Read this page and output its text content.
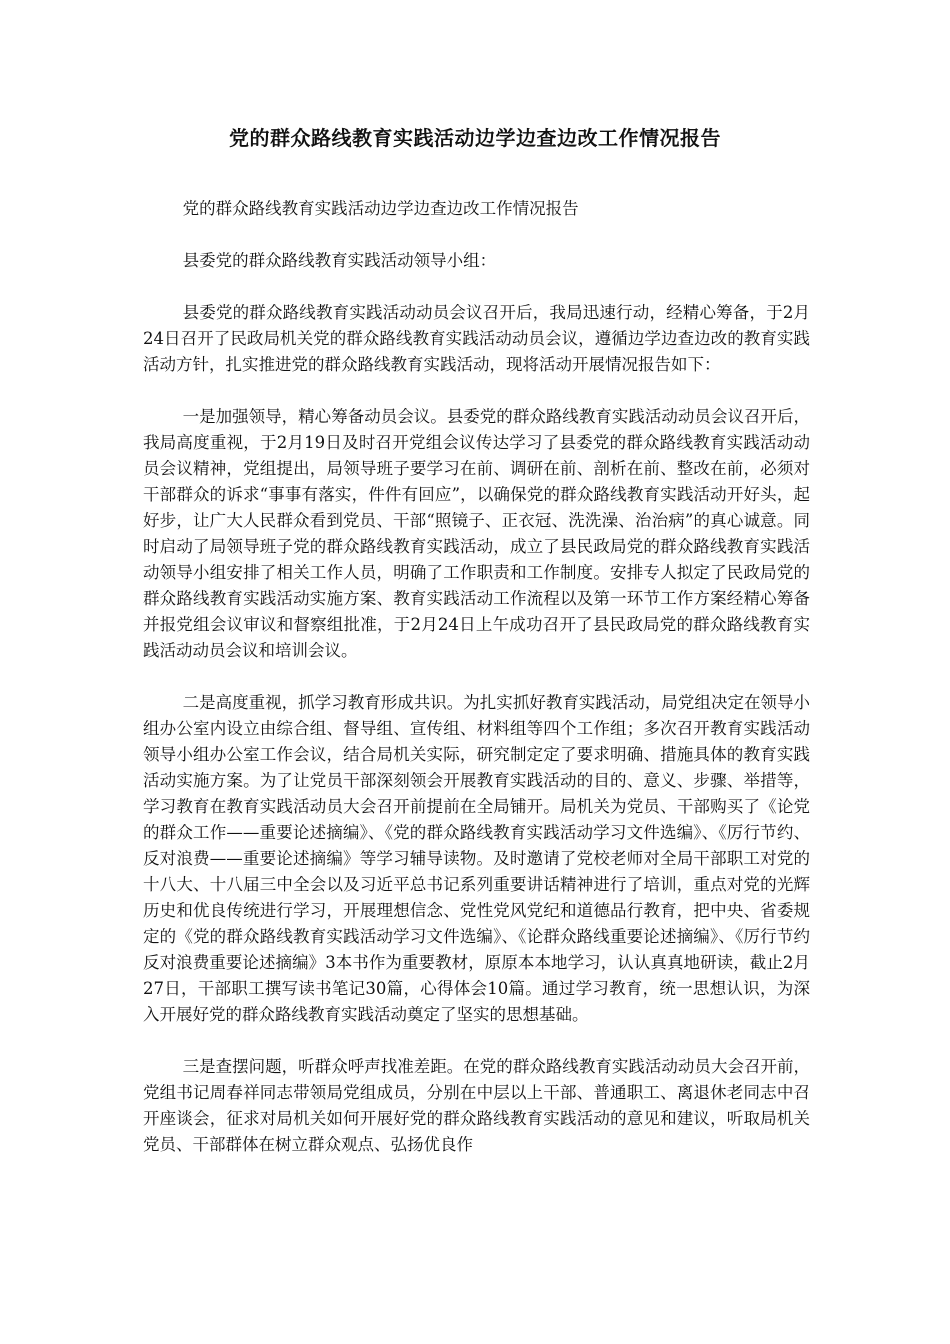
党的群众路线教育实践活动边学边查边改工作情况报告

党的群众路线教育实践活动边学边查边改工作情况报告

县委党的群众路线教育实践活动领导小组：

县委党的群众路线教育实践活动动员会议召开后，我局迅速行动，经精心筹备，于2月24日召开了民政局机关党的群众路线教育实践活动动员会议，遵循边学边查边改的教育实践活动方针，扎实推进党的群众路线教育实践活动，现将活动开展情况报告如下：

一是加强领导，精心筹备动员会议。县委党的群众路线教育实践活动动员会议召开后，我局高度重视，于2月19日及时召开党组会议传达学习了县委党的群众路线教育实践活动动员会议精神，党组提出，局领导班子要学习在前、调研在前、剖析在前、整改在前，必须对干部群众的诉求“事事有落实，件件有回应”，以确保党的群众路线教育实践活动开好头，起好步，让广大人民群众看到党员、干部“照镜子、正衣冠、洗洗澡、治治病”的真心诚意。同时启动了局领导班子党的群众路线教育实践活动，成立了县民政局党的群众路线教育实践活动领导小组安排了相关工作人员，明确了工作职责和工作制度。安排专人拟定了民政局党的群众路线教育实践活动实施方案、教育实践活动工作流程以及第一环节工作方案经精心筹备并报党组会议审议和督察组批准，于2月24日上午成功召开了县民政局党的群众路线教育实践活动动员会议和培训会议。

二是高度重视，抓学习教育形成共识。为扎实抓好教育实践活动，局党组决定在领导小组办公室内设立由综合组、督导组、宣传组、材料组等四个工作组；多次召开教育实践活动领导小组办公室工作会议，结合局机关实际，研究制定定了要求明确、措施具体的教育实践活动实施方案。为了让党员干部深刻领会开展教育实践活动的目的、意义、步骤、举措等，学习教育在教育实践活动员大会召开前提前在全局铺开。局机关为党员、干部购买了《论党的群众工作——重要论述摘编》、《党的群众路线教育实践活动学习文件选编》、《厉行节约、反对浪费——重要论述摘编》等学习辅导读物。及时邀请了党校老师对全局干部职工对党的十八大、十八届三中全会以及习近平总书记系列重要讲话精神进行了培训，重点对党的光辉历史和优良传统进行学习，开展理想信念、党性党风党纪和道德品行教育，把中央、省委规定的《党的群众路线教育实践活动学习文件选编》、《论群众路线重要论述摘编》、《厉行节约反对浪费重要论述摘编》3本书作为重要教材，原原本本地学习，认认真真地研读，截止2月27日，干部职工撰写读书笔记30篇，心得体会10篇。通过学习教育，统一思想认识，为深入开展好党的群众路线教育实践活动奠定了坚实的思想基础。

三是查摆问题，听群众呼声找准差距。在党的群众路线教育实践活动动员大会召开前，党组书记周春祥同志带领局党组成员，分别在中层以上干部、普通职工、离退休老同志中召开座谈会，征求对局机关如何开展好党的群众路线教育实践活动的意见和建议，听取局机关党员、干部群体在树立群众观点、弘扬优良作
